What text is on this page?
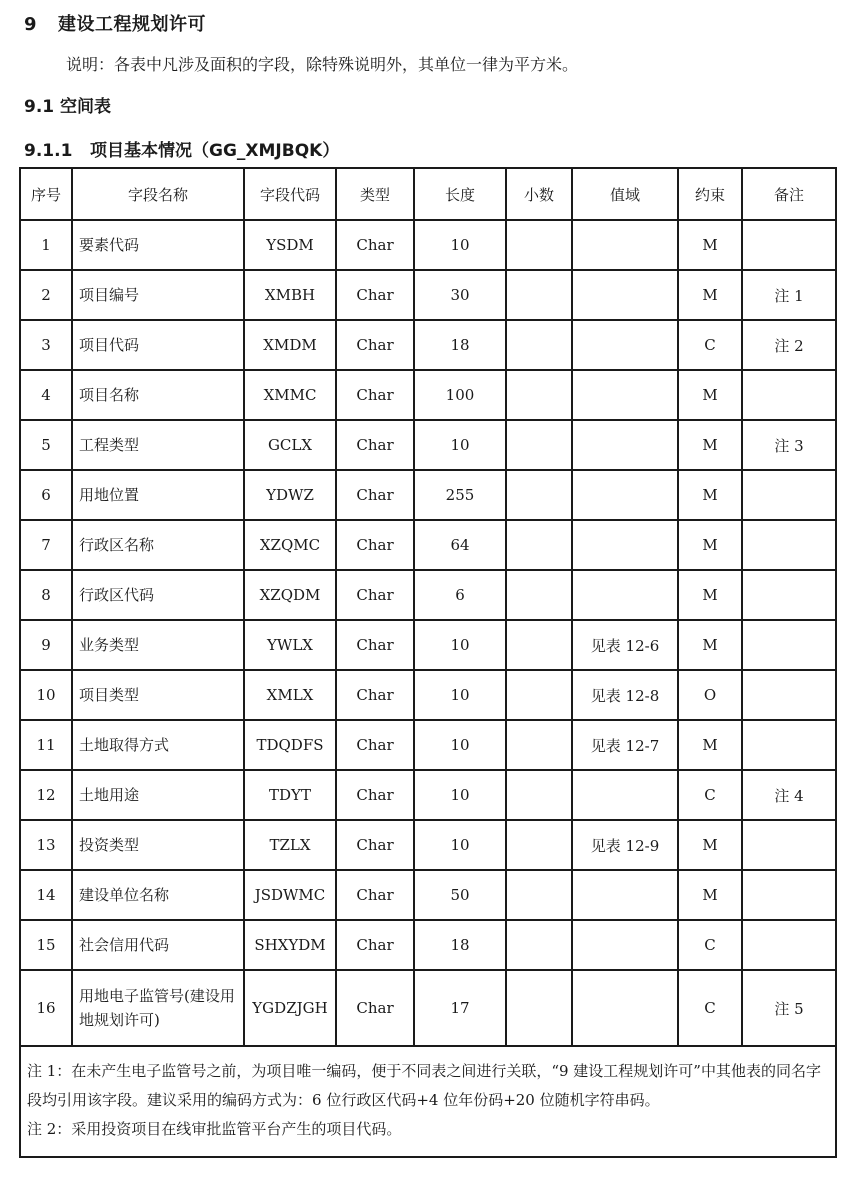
9 建设工程规划许可
说明：各表中凡涉及面积的字段，除特殊说明外，其单位一律为平方米。
9.1 空间表
9.1.1 项目基本情况（GG_XMJBQK）
序号	字段名称	字段代码	类型	长度	小数	值域	约束	备注
1	要素代码	YSDM	Char	10			M	
2	项目编号	XMBH	Char	30			M	注 1
3	项目代码	XMDM	Char	18			C	注 2
4	项目名称	XMMC	Char	100			M	
5	工程类型	GCLX	Char	10			M	注 3
6	用地位置	YDWZ	Char	255			M	
7	行政区名称	XZQMC	Char	64			M	
8	行政区代码	XZQDM	Char	6			M	
9	业务类型	YWLX	Char	10		见表 12-6	M	
10	项目类型	XMLX	Char	10		见表 12-8	O	
11	土地取得方式	TDQDFS	Char	10		见表 12-7	M	
12	土地用途	TDYT	Char	10			C	注 4
13	投资类型	TZLX	Char	10		见表 12-9	M	
14	建设单位名称	JSDWMC	Char	50			M	
15	社会信用代码	SHXYDM	Char	18			C	
16	用地电子监管号(建设用地规划许可)	YGDZJGH	Char	17			C	注 5

注 1：在未产生电子监管号之前，为项目唯一编码，便于不同表之间进行关联，“9 建设工程规划许可”中其他表的同名字段均引用该字段。建议采用的编码方式为：6 位行政区代码+4 位年份码+20 位随机字符串码。
注 2：采用投资项目在线审批监管平台产生的项目代码。								
